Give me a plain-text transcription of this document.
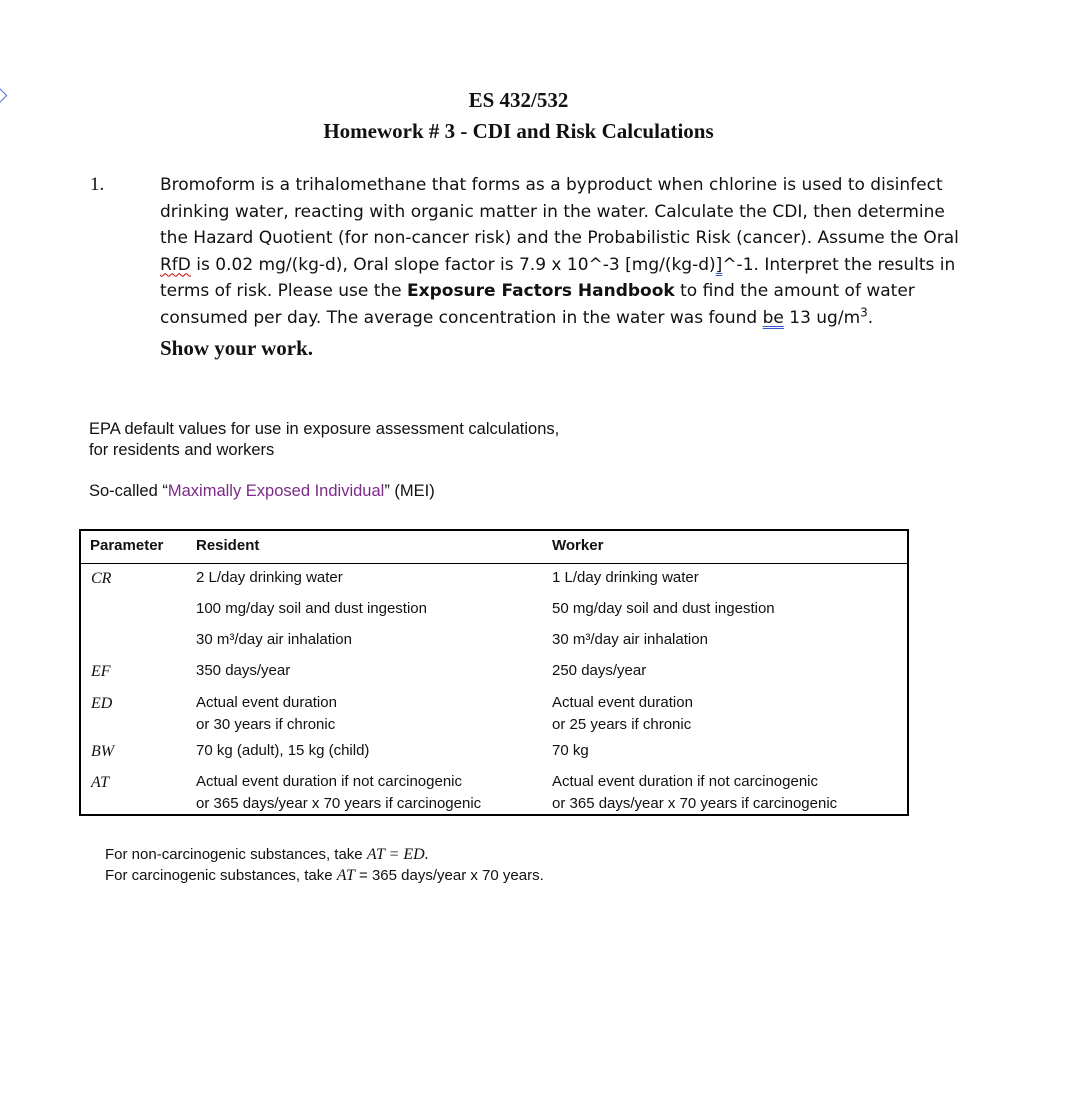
ES 432/532
Homework # 3 - CDI and Risk Calculations
1.	Bromoform is a trihalomethane that forms as a byproduct when chlorine is used to disinfect drinking water, reacting with organic matter in the water. Calculate the CDI, then determine the Hazard Quotient (for non-cancer risk) and the Probabilistic Risk (cancer). Assume the Oral RfD is 0.02 mg/(kg-d), Oral slope factor is 7.9 x 10^-3 [mg/(kg-d)]^-1. Interpret the results in terms of risk. Please use the Exposure Factors Handbook to find the amount of water consumed per day. The average concentration in the water was found be 13 $ug/m^3$.
Show your work.
EPA default values for use in exposure assessment calculations,
for residents and workers
So-called “Maximally Exposed Individual” (MEI)
Parameter Resident	Worker
CR	2 L/day drinking water	1 L/day drinking water
100 mg/day soil and dust ingestion	50 mg/day soil and dust ingestion
30 m³/day air inhalation	30 m³/day air inhalation
EF	350 days/year	250 days/year
ED	Actual event duration	Actual event duration
or 30 years if chronic	or 25 years if chronic
BW	70 kg (adult), 15 kg (child)	70 kg
AT	Actual event duration if not carcinogenic	Actual event duration if not carcinogenic
or 365 days/year x 70 years if carcinogenic	or 365 days/year x 70 years if carcinogenic
For non-carcinogenic substances, take AT = ED.
For carcinogenic substances, take AT = 365 days/year x 70 years.
